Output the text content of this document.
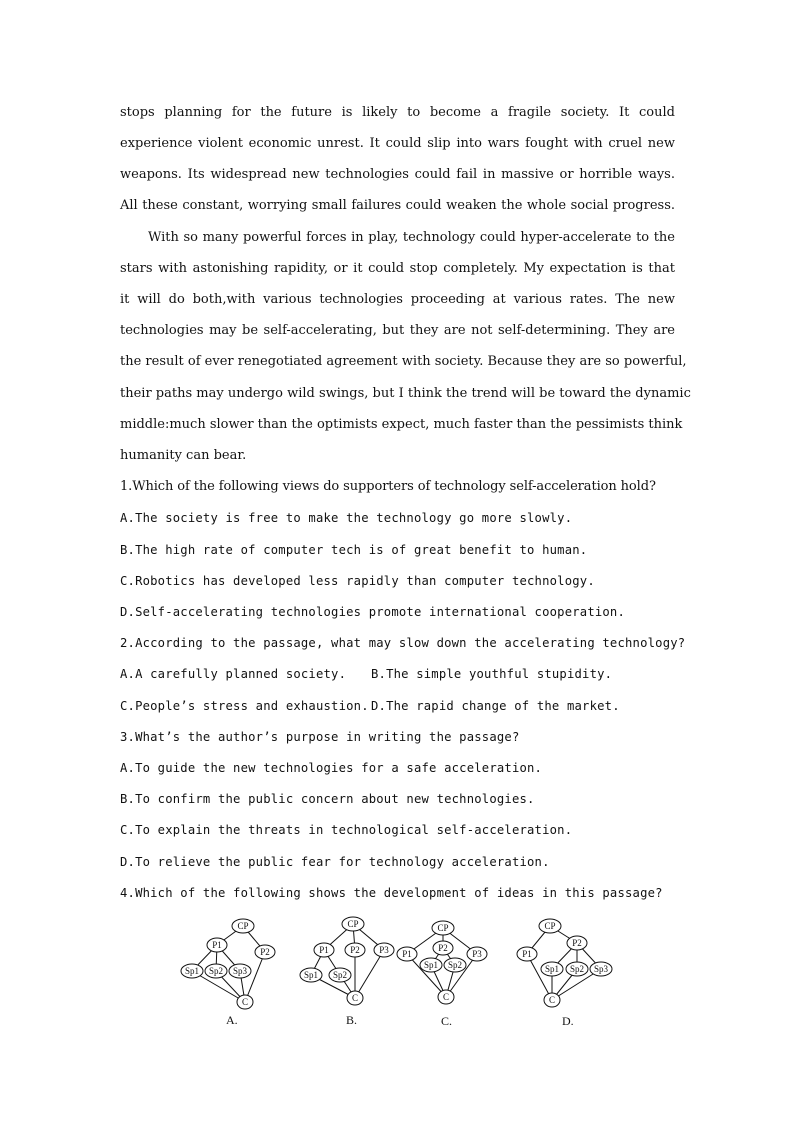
stops planning for the future is likely to become a fragile society. It could
experience violent economic unrest. It could slip into wars fought with cruel new
weapons. Its widespread new technologies could fail in massive or horrible ways.
All these constant, worrying small failures could weaken the whole social progress.
With so many powerful forces in play, technology could hyper-accelerate to the
stars with astonishing rapidity, or it could stop completely. My expectation is that
it will do both,with various technologies proceeding at various rates. The new
technologies may be self-accelerating, but they are not self-determining. They are
the result of ever renegotiated agreement with society. Because they are so powerful,
their paths may undergo wild swings, but I think the trend will be toward the dynamic
middle:much slower than the optimists expect, much faster than the pessimists think
humanity can bear.
1.Which of the following views do supporters of technology self-acceleration hold?
A.The society is free to make the technology go more slowly.
B.The high rate of computer tech is of great benefit to human.
C.Robotics has developed less rapidly than computer technology.
D.Self-accelerating technologies promote international cooperation.
2.According to the passage, what may slow down the accelerating technology?
A.A carefully planned society. B.The simple youthful stupidity.
C.People’s stress and exhaustion. D.The rapid change of the market.
3.What’s the author’s purpose in writing the passage?
A.To guide the new technologies for a safe acceleration.
B.To confirm the public concern about new technologies.
C.To explain the threats in technological self-acceleration.
D.To relieve the public fear for technology acceleration.
4.Which of the following shows the development of ideas in this passage?
CP
P1
P2
Sp1 Sp2 Sp3
C
CP
P1 P2 P3
Sp1 Sp2
C
CP
P1
P2
P3
Sp1 Sp2
C
CP
P1
P2
Sp1 Sp2 Sp3
C
A.	B.	C.	D.
